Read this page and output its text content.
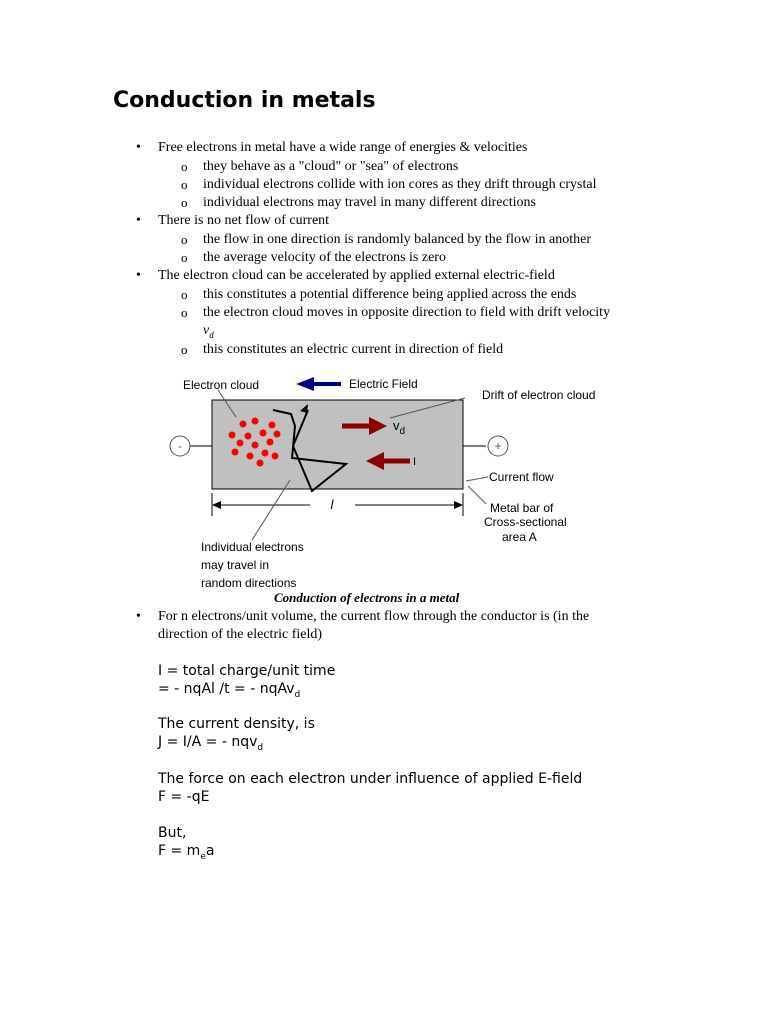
Conduction in metals
• Free electrons in metal have a wide range of energies & velocities
o they behave as a "cloud" or "sea" of electrons
o individual electrons collide with ion cores as they drift through crystal
o individual electrons may travel in many different directions
• There is no net flow of current
o the flow in one direction is randomly balanced by the flow in another
o the average velocity of the electrons is zero
• The electron cloud can be accelerated by applied external electric-field
o this constitutes a potential difference being applied across the ends
o the electron cloud moves in opposite direction to field with drift velocity
$v_d$
o this constitutes an electric current in direction of field
-	+
Electron cloud	Electric Field
Drift of electron cloud
$v_d$
I
Current flow
l	Metal bar of
Cross-sectional
area A
Individual electrons
may travel in
random directions
Conduction of electrons in a metal
• For n electrons/unit volume, the current flow through the conductor is (in the
direction of the electric field)
I = total charge/unit time
= - nqAl /t = - nqAv$_d$
The current density, is
J = I/A = - nqv$_d$
The force on each electron under influence of applied E-field
F = -qE
But,
$F = m_ea$
